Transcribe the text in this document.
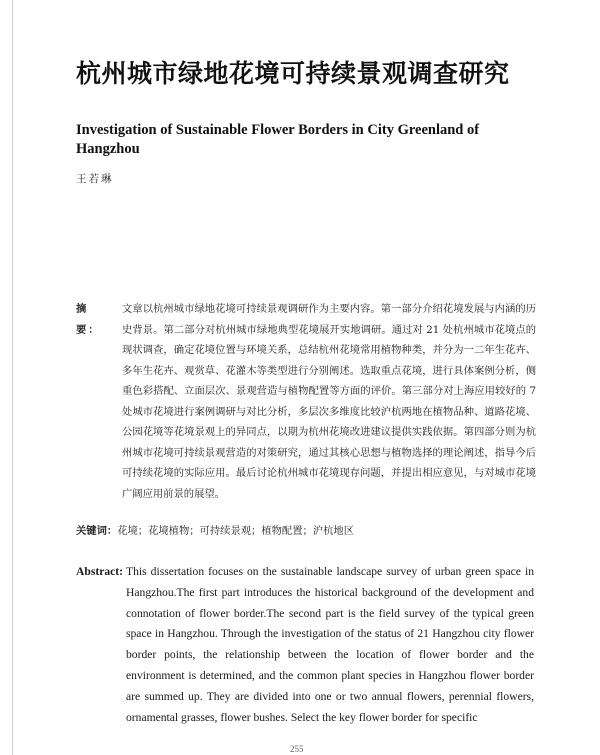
杭州城市绿地花境可持续景观调查研究
Investigation of Sustainable Flower Borders in City Greenland of Hangzhou
王若琳
摘　要：
文章以杭州城市绿地花境可持续景观调研作为主要内容。第一部分介绍花境发展与内涵的历史背景。第二部分对杭州城市绿地典型花境展开实地调研。通过对 21 处杭州城市花境点的现状调查，确定花境位置与环境关系，总结杭州花境常用植物种类，并分为一二年生花卉、多年生花卉、观赏草、花灌木等类型进行分别阐述。选取重点花境，进行具体案例分析，侧重色彩搭配、立面层次、景观营造与植物配置等方面的评价。第三部分对上海应用较好的 7 处城市花境进行案例调研与对比分析，多层次多维度比较沪杭两地在植物品种、道路花境、公园花境等花境景观上的异同点，以期为杭州花境改进建议提供实践依据。第四部分则为杭州城市花境可持续景观营造的对策研究，通过其核心思想与植物选择的理论阐述，指导今后可持续花境的实际应用。最后讨论杭州城市花境现存问题，并提出相应意见，与对城市花境广阔应用前景的展望。
关键词：花境；花境植物；可持续景观；植物配置；沪杭地区
Abstract: This dissertation focuses on the sustainable landscape survey of urban green space in Hangzhou.The first part introduces the historical background of the development and connotation of flower border.The second part is the field survey of the typical green space in Hangzhou. Through the investigation of the status of 21 Hangzhou city flower border points, the relationship between the location of flower border and the environment is determined, and the common plant species in Hangzhou flower border are summed up. They are divided into one or two annual flowers, perennial flowers, ornamental grasses, flower bushes. Select the key flower border for specific
255
